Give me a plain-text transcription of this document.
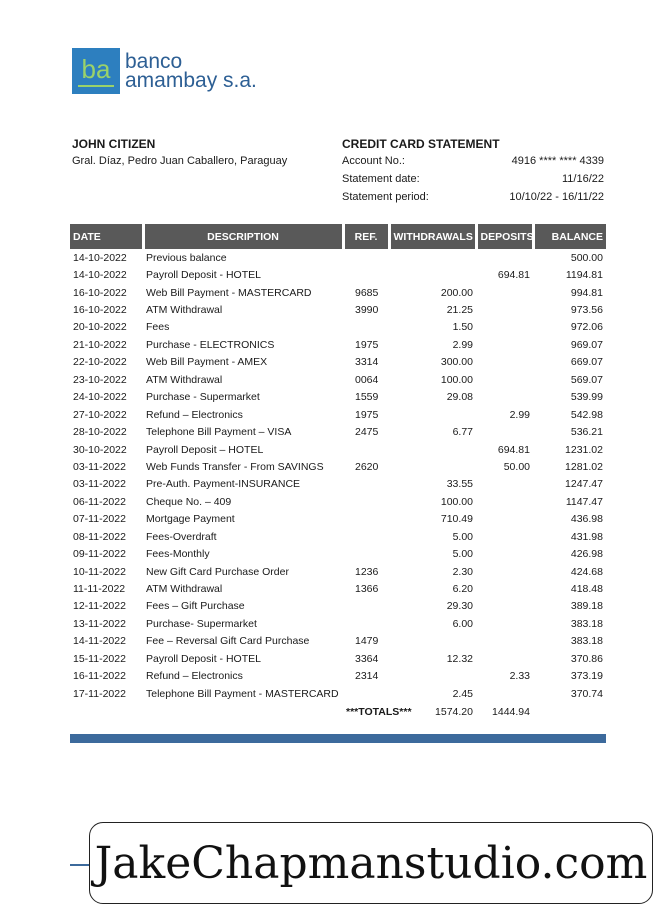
ba banco
amambay s.a.
JOHN CITIZEN
Gral. Díaz, Pedro Juan Caballero, Paraguay
CREDIT CARD STATEMENT
Account No.:	4916 **** **** 4339
Statement date:	11/16/22
Statement period:	10/10/22 - 16/11/22
DATE	DESCRIPTION	REF.	WITHDRAWALS	DEPOSITS	BALANCE
14-10-2022	Previous balance				500.00
14-10-2022	Payroll Deposit - HOTEL			694.81	1194.81
16-10-2022	Web Bill Payment - MASTERCARD	9685	200.00		994.81
16-10-2022	ATM Withdrawal	3990	21.25		973.56
20-10-2022	Fees		1.50		972.06
21-10-2022	Purchase - ELECTRONICS	1975	2.99		969.07
22-10-2022	Web Bill Payment - AMEX	3314	300.00		669.07
23-10-2022	ATM Withdrawal	0064	100.00		569.07
24-10-2022	Purchase - Supermarket	1559	29.08		539.99
27-10-2022	Refund – Electronics	1975		2.99	542.98
28-10-2022	Telephone Bill Payment – VISA	2475	6.77		536.21
30-10-2022	Payroll Deposit – HOTEL			694.81	1231.02
03-11-2022	Web Funds Transfer - From SAVINGS	2620		50.00	1281.02
03-11-2022	Pre-Auth. Payment-INSURANCE		33.55		1247.47
06-11-2022	Cheque No. – 409		100.00		1147.47
07-11-2022	Mortgage Payment		710.49		436.98
08-11-2022	Fees-Overdraft		5.00		431.98
09-11-2022	Fees-Monthly		5.00		426.98
10-11-2022	New Gift Card Purchase Order	1236	2.30		424.68
11-11-2022	ATM Withdrawal	1366	6.20		418.48
12-11-2022	Fees – Gift Purchase		29.30		389.18
13-11-2022	Purchase- Supermarket		6.00		383.18
14-11-2022	Fee – Reversal Gift Card Purchase	1479			383.18
15-11-2022	Payroll Deposit - HOTEL	3364	12.32		370.86
16-11-2022	Refund – Electronics	2314		2.33	373.19
17-11-2022	Telephone Bill Payment - MASTERCARD		2.45		370.74
		***TOTALS***	1574.20	1444.94	
JakeChapmanstudio.com
